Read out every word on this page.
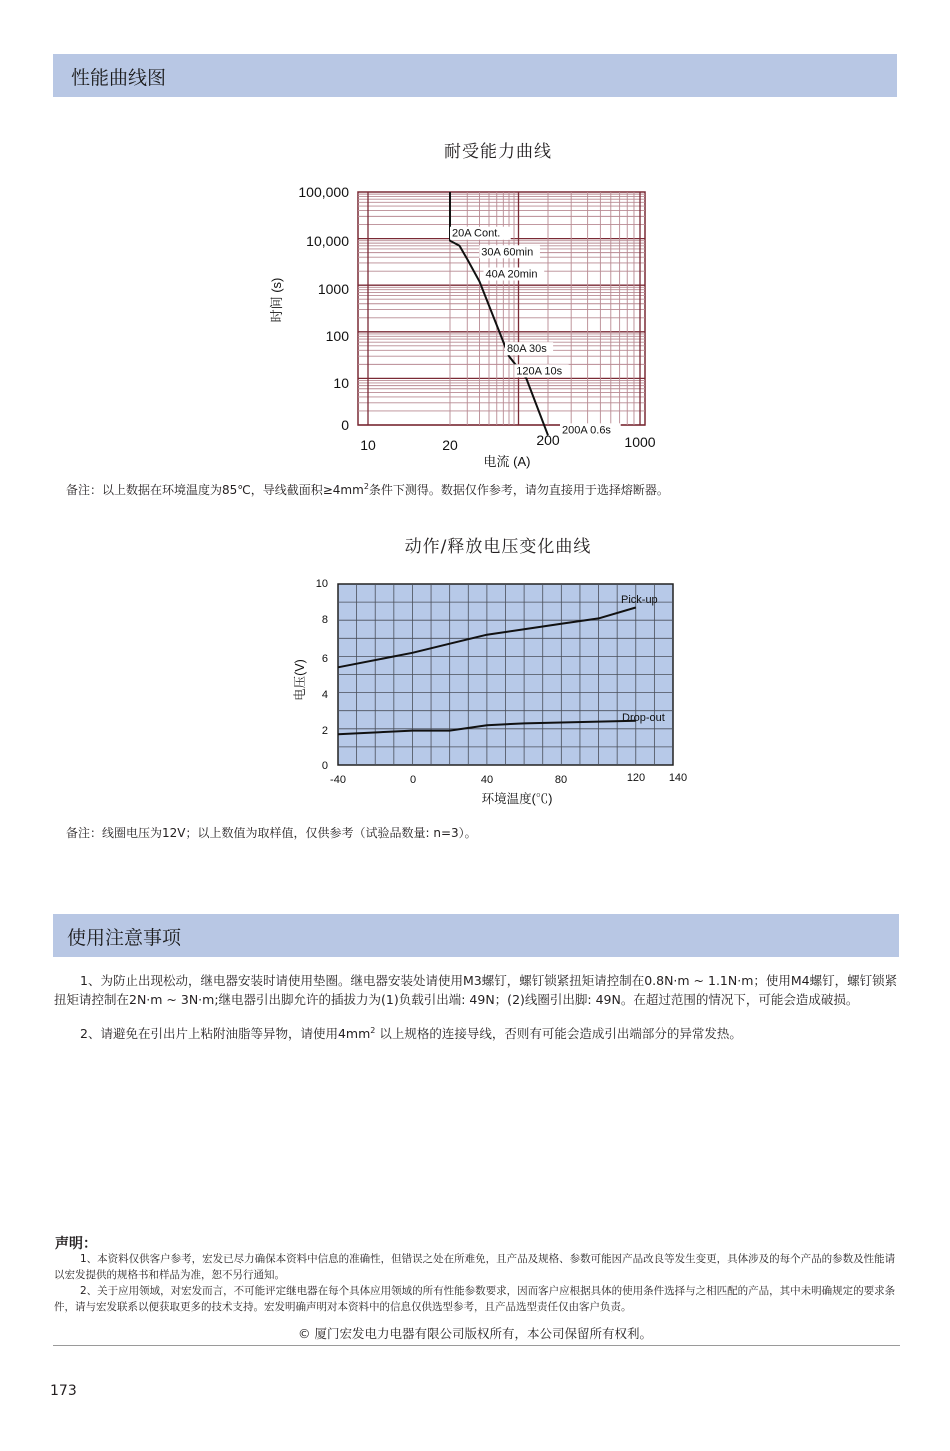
性能曲线图
耐受能力曲线
20A Cont.
30A 60min
40A 20min
80A 30s
120A 10s
200A 0.6s
0
10
100
1000
10,000
100,000
10	20	200	1000
电流 (A)
时间 (s)
备注：以上数据在环境温度为85℃，导线截面积$\ge 4mm^2$条件下测得。数据仅作参考，请勿直接用于选择熔断器。
动作/释放电压变化曲线
Pick-up
Drop-out
0
2
4
6
8
10
-40	0	40	80	120 140
环境温度(℃)
电压(V)
备注：线圈电压为12V；以上数值为取样值，仅供参考（试验品数量: n=3）。
使用注意事项
1、为防止出现松动，继电器安装时请使用垫圈。继电器安装处请使用M3螺钉，螺钉锁紧扭矩请控制在0.8N·m ~ 1.1N·m；使用M4螺钉，螺钉锁紧扭矩请控制在2N·m ~ 3N·m;继电器引出脚允许的插拔力为(1)负载引出端: 49N；(2)线圈引出脚: 49N。在超过范围的情况下，可能会造成破损。
2、请避免在引出片上粘附油脂等异物，请使用$4mm^2$ 以上规格的连接导线，否则有可能会造成引出端部分的异常发热。
声明：
1、本资料仅供客户参考，宏发已尽力确保本资料中信息的准确性，但错误之处在所难免，且产品及规格、参数可能因产品改良等发生变更，具体涉及的每个产品的参数及性能请以宏发提供的规格书和样品为准，恕不另行通知。
2、关于应用领域，对宏发而言，不可能评定继电器在每个具体应用领域的所有性能参数要求，因而客户应根据具体的使用条件选择与之相匹配的产品，其中未明确规定的要求条件，请与宏发联系以便获取更多的技术支持。宏发明确声明对本资料中的信息仅供选型参考，且产品选型责任仅由客户负责。
© 厦门宏发电力电器有限公司版权所有，本公司保留所有权利。
173
